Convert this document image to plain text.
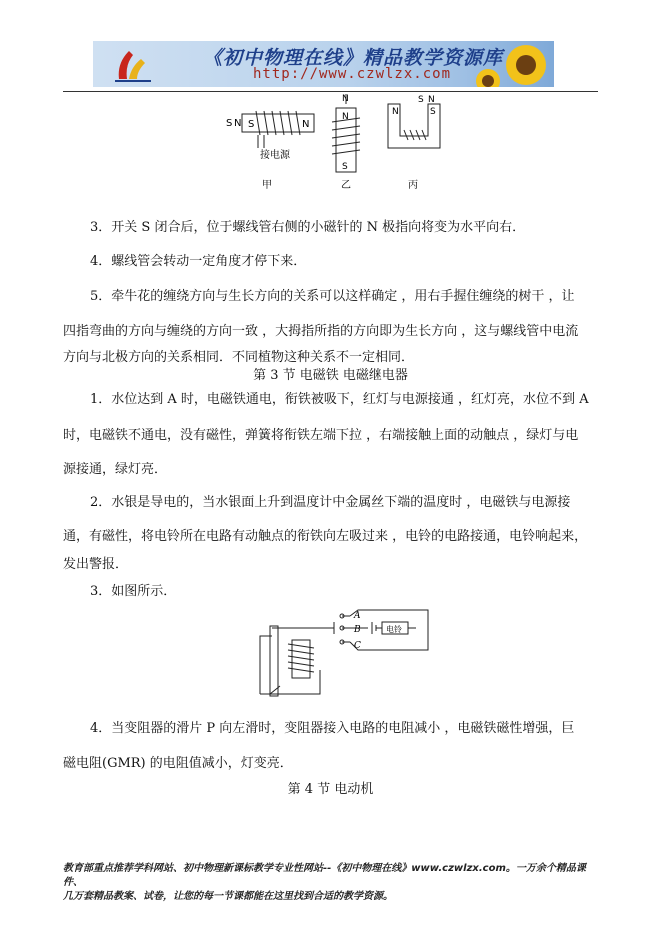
《初中物理在线》精品教学资源库
http://www.czwlzx.com
S N S	N
N
N
S
N	S
S N
接电源
甲	乙	丙
3．开关 S 闭合后，位于螺线管右侧的小磁针的 N 极指向将变为水平向右．
4．螺线管会转动一定角度才停下来．
5．牵牛花的缠绕方向与生长方向的关系可以这样确定 ，用右手握住缠绕的树干 ，让
四指弯曲的方向与缠绕的方向一致 ，大拇指所指的方向即为生长方向 ，这与螺线管中电流
方向与北极方向的关系相同．不同植物这种关系不一定相同．
第 3 节 电磁铁 电磁继电器
1．水位达到 A 时，电磁铁通电，衔铁被吸下，红灯与电源接通 ，红灯亮，水位不到 A
时，电磁铁不通电，没有磁性，弹簧将衔铁左端下拉 ，右端接触上面的动触点 ，绿灯与电
源接通，绿灯亮．
2．水银是导电的，当水银面上升到温度计中金属丝下端的温度时 ，电磁铁与电源接
通，有磁性，将电铃所在电路有动触点的衔铁向左吸过来 ，电铃的电路接通，电铃响起来，
发出警报．
3．如图所示．
A
B
C
电铃
4．当变阻器的滑片 P 向左滑时，变阻器接入电路的电阻减小 ，电磁铁磁性增强，巨
磁电阻(GMR) 的电阻值减小，灯变亮．
第 4 节 电动机
教育部重点推荐学科网站、初中物理新课标教学专业性网站--《初中物理在线》www.czwlzx.com。一万余个精品课件、
几万套精品教案、试卷，让您的每一节课都能在这里找到合适的教学资源。
